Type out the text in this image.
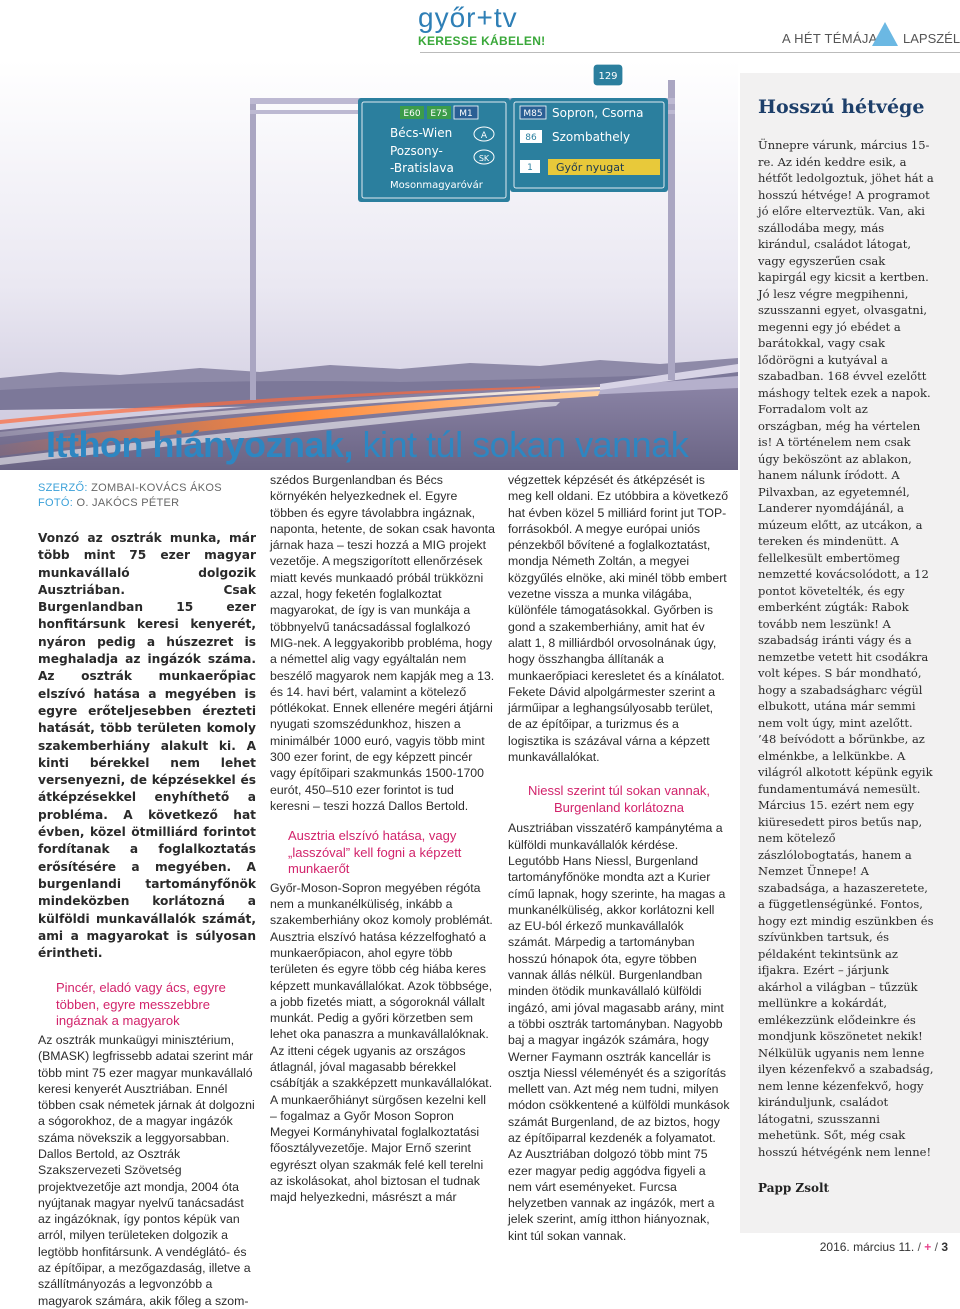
győr+tv
KERESSE KÁBELEN!	A HÉT TÉMÁJA LAPSZÉL
E60 E75 M1
Bécs-Wien
Pozsony-
-Bratislava
Mosonmagyaróvár
A
SK
M85 Sopron, Csorna
86 Szombathely
1 Győr nyugat
129
Itthon hiányoznak, kint túl sokan vannak
SZERZŐ: ZOMBAI-KOVÁCS ÁKOS
FOTÓ: O. JAKÓCS PÉTER

Vonzó az osztrák munka, már több mint 75 ezer magyar munkavállaló dolgozik Ausztriában. Csak Burgenlandban 15 ezer honfitársunk keresi kenyerét, nyáron pedig a húszezret is meghaladja az ingázók száma. Az osztrák munkaerőpiac elszívó hatása a megyében is egyre erőteljesebben érezteti hatását, több területen komoly szakemberhiány alakult ki. A kinti bérekkel nem lehet versenyezni, de képzésekkel és átképzésekkel enyhíthető a probléma. A következő hat évben, közel ötmilliárd forintot fordítanak a foglalkoztatás erősítésére a megyében. A burgenlandi tartományfőnök mindeközben korlátozná a külföldi munkavállalók számát, ami a magyarokat is súlyosan érintheti.

Pincér, eladó vagy ács, egyre többen, egyre messzebbre ingáznak a magyarok

Az osztrák munkaügyi minisztérium, (BMASK) legfrissebb adatai szerint már több mint 75 ezer magyar munkavállaló keresi kenyerét Ausztriában. Ennél többen csak németek járnak át dolgozni a sógorokhoz, de a magyar ingázók száma növekszik a leggyorsabban. Dallos Bertold, az Osztrák Szakszervezeti Szövetség projektvezetője azt mondja, 2004 óta nyújtanak magyar nyelvű tanácsadást az ingázóknak, így pontos képük van arról, milyen területeken dolgozik a legtöbb honfitársunk. A vendéglátó- és az építőipar, a mezőgazdaság, illetve a szállítmányozás a legvonzóbb a magyarok számára, akik főleg a szom-

szédos Burgenlandban és Bécs környékén helyezkednek el. Egyre többen és egyre távolabbra ingáznak, naponta, hetente, de sokan csak havonta járnak haza – teszi hozzá a MIG projekt vezetője. A megszigorított ellenőrzések miatt kevés munkaadó próbál trükközni azzal, hogy feketén foglalkoztat magyarokat, de így is van munkája a többnyelvű tanácsadással foglalkozó MIG-nek. A leggyakoribb probléma, hogy a némettel alig vagy egyáltalán nem beszélő magyarok nem kapják meg a 13. és 14. havi bért, valamint a kötelező pótlékokat. Ennek ellenére megéri átjárni nyugati szomszédunkhoz, hiszen a minimálbér 1000 euró, vagyis több mint 300 ezer forint, de egy képzett pincér vagy építőipari szakmunkás 1500-1700 eurót, 450–510 ezer forintot is tud keresni – teszi hozzá Dallos Bertold.

Ausztria elszívó hatása, vagy „lasszóval” kell fogni a képzett munkaerőt

Győr-Moson-Sopron megyében régóta nem a munkanélküliség, inkább a szakemberhiány okoz komoly problémát. Ausztria elszívó hatása kézzelfogható a munkaerőpiacon, ahol egyre több területen és egyre több cég hiába keres képzett munkavállalókat. Azok többsége, a jobb fizetés miatt, a sógoroknál vállalt munkát. Pedig a győri körzetben sem lehet oka panaszra a munkavállalóknak. Az itteni cégek ugyanis az országos átlagnál, jóval magasabb bérekkel csábítják a szakképzett munkavállalókat. A munkaerőhiányt sürgősen kezelni kell – fogalmaz a Győr Moson Sopron Megyei Kormányhivatal foglalkoztatási főosztályvezetője. Major Ernő szerint egyrészt olyan szakmák felé kell terelni az iskolásokat, ahol biztosan el tudnak majd helyezkedni, másrészt a már

végzettek képzését és átképzését is meg kell oldani. Ez utóbbira a következő hat évben közel 5 milliárd forint jut TOP-forrásokból. A megye európai uniós pénzekből bővítené a foglalkoztatást, mondja Németh Zoltán, a megyei közgyűlés elnöke, aki minél több embert vezetne vissza a munka világába, különféle támogatásokkal. Győrben is gond a szakemberhiány, amit hat év alatt 1, 8 milliárdból orvosolnának úgy, hogy összhangba állítanák a munkaerőpiaci keresletet és a kínálatot. Fekete Dávid alpolgármester szerint a járműipar a leghangsúlyosabb terület, de az építőipar, a turizmus és a logisztika is százával várna a képzett munkavállalókat.

Niessl szerint túl sokan vannak, Burgenland korlátozna

Ausztriában visszatérő kampánytéma a külföldi munkavállalók kérdése. Legutóbb Hans Niessl, Burgenland tartományfőnöke mondta azt a Kurier című lapnak, hogy szerinte, ha magas a munkanélküliség, akkor korlátozni kell az EU-ból érkező munkavállalók számát. Márpedig a tartományban hosszú hónapok óta, egyre többen vannak állás nélkül. Burgenlandban minden ötödik munkavállaló külföldi ingázó, ami jóval magasabb arány, mint a többi osztrák tartományban. Nagyobb baj a magyar ingázók számára, hogy Werner Faymann osztrák kancellár is osztja Niessl véleményét és a szigorítás mellett van. Azt még nem tudni, milyen módon csökkentené a külföldi munkások számát Burgenland, de az biztos, hogy az építőiparral kezdenék a folyamatot. Az Ausztriában dolgozó több mint 75 ezer magyar pedig aggódva figyeli a nem várt eseményeket. Furcsa helyzetben vannak az ingázók, mert a jelek szerint, amíg itthon hiányoznak, kint túl sokan vannak.

Hosszú hétvége
Ünnepre várunk, március 15-re. Az idén keddre esik, a hétfőt ledolgoztuk, jöhet hát a hosszú hétvége! A programot jó előre elterveztük. Van, aki szállodába megy, más kirándul, családot látogat, vagy egyszerűen csak kapirgál egy kicsit a kertben. Jó lesz végre megpihenni, szusszanni egyet, olvasgatni, megenni egy jó ebédet a barátokkal, vagy csak lődörögni a kutyával a szabadban. 168 évvel ezelőtt máshogy teltek ezek a napok. Forradalom volt az országban, még ha vértelen is! A történelem nem csak úgy beköszönt az ablakon, hanem nálunk íródott. A Pilvaxban, az egyetemnél, Landerer nyomdájánál, a múzeum előtt, az utcákon, a tereken és mindenütt. A fellelkesült embertömeg nemzetté kovácsolódott, a 12 pontot követelték, és egy emberként zúgták: Rabok tovább nem leszünk! A szabadság iránti vágy és a nemzetbe vetett hit csodákra volt képes. S bár mondható, hogy a szabadságharc végül elbukott, utána már semmi nem volt úgy, mint azelőtt. ’48 beívódott a bőrünkbe, az elménkbe, a lelkünkbe. A világról alkotott képünk egyik fundamentumává nemesült. Március 15. ezért nem egy kiüresedett piros betűs nap, nem kötelező zászlólobogtatás, hanem a Nemzet Ünnepe! A szabadsága, a hazaszeretete, a függetlenségünké. Fontos, hogy ezt mindig eszünkben és szívünkben tartsuk, és példaként tekintsünk az ifjakra. Ezért – járjunk akárhol a világban – tűzzük mellünkre a kokárdát, emlékezzünk elődeinkre és mondjunk köszönetet nekik! Nélkülük ugyanis nem lenne ilyen kézenfekvő a szabadság, nem lenne kézenfekvő, hogy kiránduljunk, családot látogatni, szusszanni mehetünk. Sőt, még csak hosszú hétvégénk nem lenne!
Papp Zsolt
2016. március 11. / + / 3
